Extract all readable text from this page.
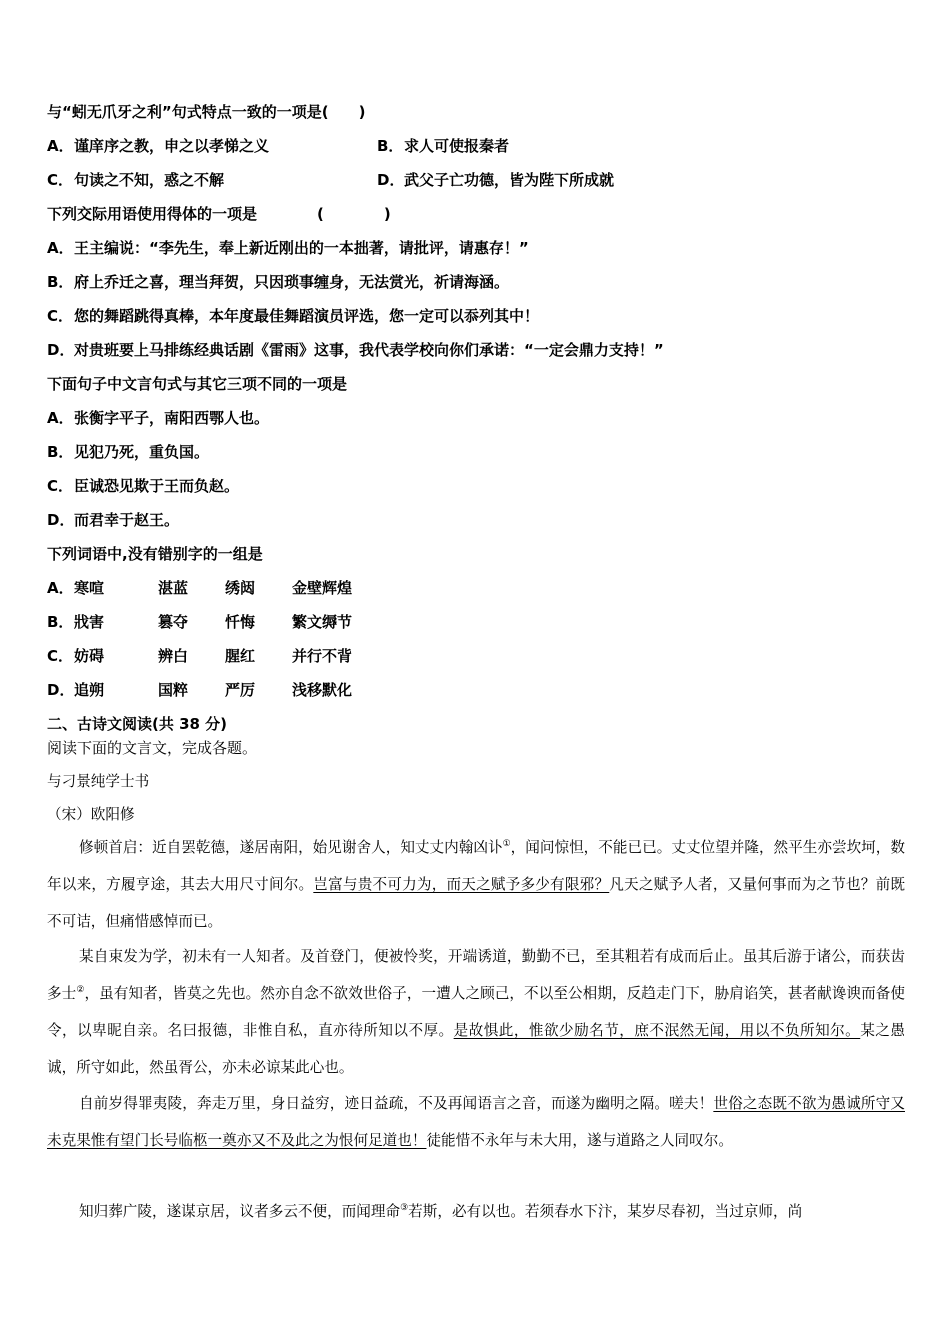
与“蚓无爪牙之利”句式特点一致的一项是(　　)
A．谨庠序之教，申之以孝悌之义	B．求人可使报秦者
C．句读之不知，惑之不解	D．武父子亡功德，皆为陛下所成就
下列交际用语使用得体的一项是	(　　　　)
A．王主编说：“李先生，奉上新近刚出的一本拙著，请批评，请惠存！”
B．府上乔迁之喜，理当拜贺，只因琐事缠身，无法赏光，祈请海涵。
C．您的舞蹈跳得真棒，本年度最佳舞蹈演员评选，您一定可以忝列其中！
D．对贵班要上马排练经典话剧《雷雨》这事，我代表学校向你们承诺：“一定会鼎力支持！”
下面句子中文言句式与其它三项不同的一项是
A．张衡字平子，南阳西鄂人也。
B．见犯乃死，重负国。
C．臣诚恐见欺于王而负赵。
D．而君幸于赵王。
下列词语中,没有错别字的一组是
A． 寒喧	湛蓝 绣闼 金壁辉煌
B． 戕害	篡夺 忏悔 繁文缛节
C． 妨碍	辨白 腥红 并行不背
D． 追朔	国粹 严厉 浅移默化
二、古诗文阅读(共 38 分)
阅读下面的文言文，完成各题。
与刁景纯学士书
（宋）欧阳修
修顿首启：近自罢乾德，遂居南阳，始见谢舍人，知丈丈内翰凶讣①，闻问惊怛，不能已已。丈丈位望并隆，然平生亦尝坎坷，数年以来，方履亨途，其去大用尺寸间尔。岂富与贵不可力为，而天之赋予多少有限邪？凡天之赋予人者，又量何事而为之节也？前既不可诘，但痛惜感悼而已。
某自束发为学，初未有一人知者。及首登门，便被怜奖，开端诱道，勤勤不已，至其粗若有成而后止。虽其后游于诸公，而获齿多士②，虽有知者，皆莫之先也。然亦自念不欲效世俗子，一遭人之顾己，不以至公相期，反趋走门下，胁肩谄笑，甚者献谗谀而备使令，以卑昵自亲。名曰报德，非惟自私，直亦待所知以不厚。是故惧此，惟欲少励名节，庶不泯然无闻，用以不负所知尔。某之愚诚，所守如此，然虽胥公，亦未必谅某此心也。
自前岁得罪夷陵，奔走万里，身日益穷，迹日益疏，不及再闻语言之音，而遂为幽明之隔。嗟夫！世俗之态既不欲为愚诚所守又未克果惟有望门长号临柩一奠亦又不及此之为恨何足道也！徒能惜不永年与未大用，遂与道路之人同叹尔。
知归葬广陵，遂谋京居，议者多云不便，而闻理命③若斯，必有以也。若须春水下汴，某岁尽春初，当过京师，尚
